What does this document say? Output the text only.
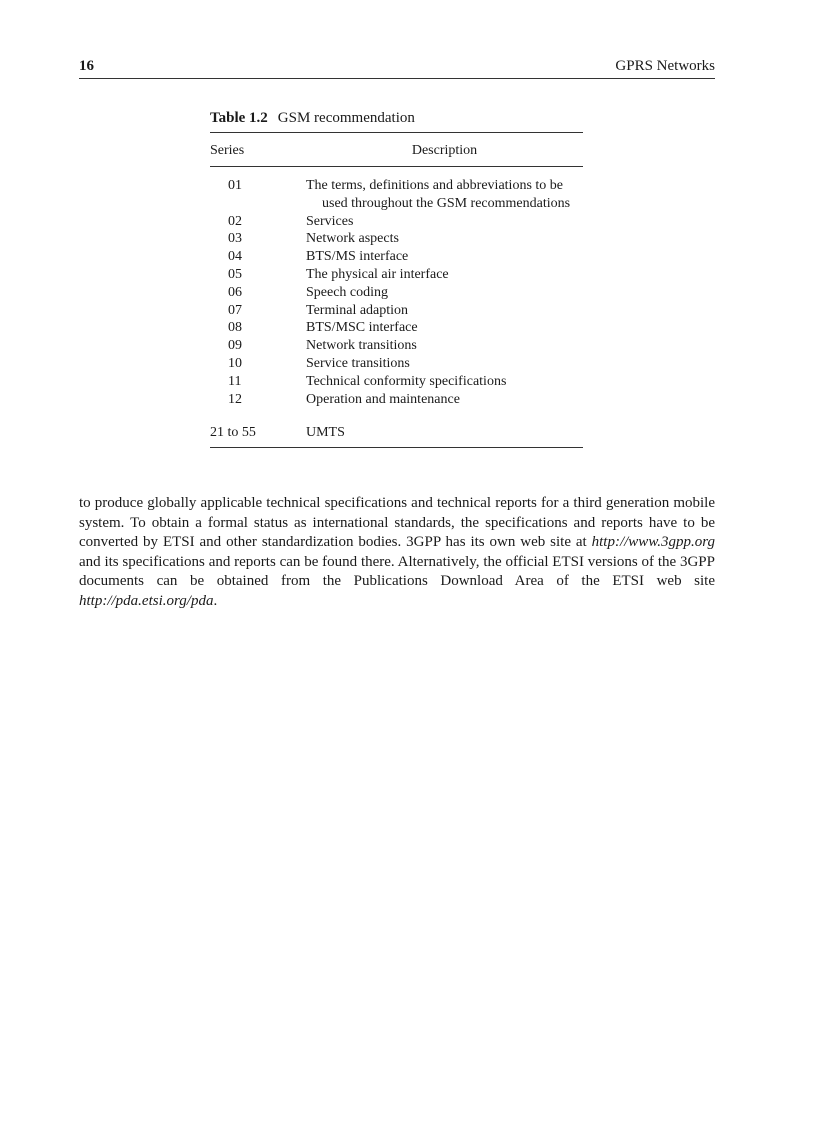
16	GPRS Networks
Table 1.2 GSM recommendation
Series	Description
01	The terms, definitions and abbreviations to be used throughout the GSM recommendations
02	Services
03	Network aspects
04	BTS/MS interface
05	The physical air interface
06	Speech coding
07	Terminal adaption
08	BTS/MSC interface
09	Network transitions
10	Service transitions
11	Technical conformity specifications
12	Operation and maintenance
21 to 55	UMTS

to produce globally applicable technical specifications and technical reports for a third generation mobile system. To obtain a formal status as international standards, the specifications and reports have to be converted by ETSI and other standardization bodies. 3GPP has its own web site at http://www.3gpp.org and its specifications and reports can be found there. Alternatively, the official ETSI versions of the 3GPP documents can be obtained from the Publications Download Area of the ETSI web site http://pda.etsi.org/pda.
